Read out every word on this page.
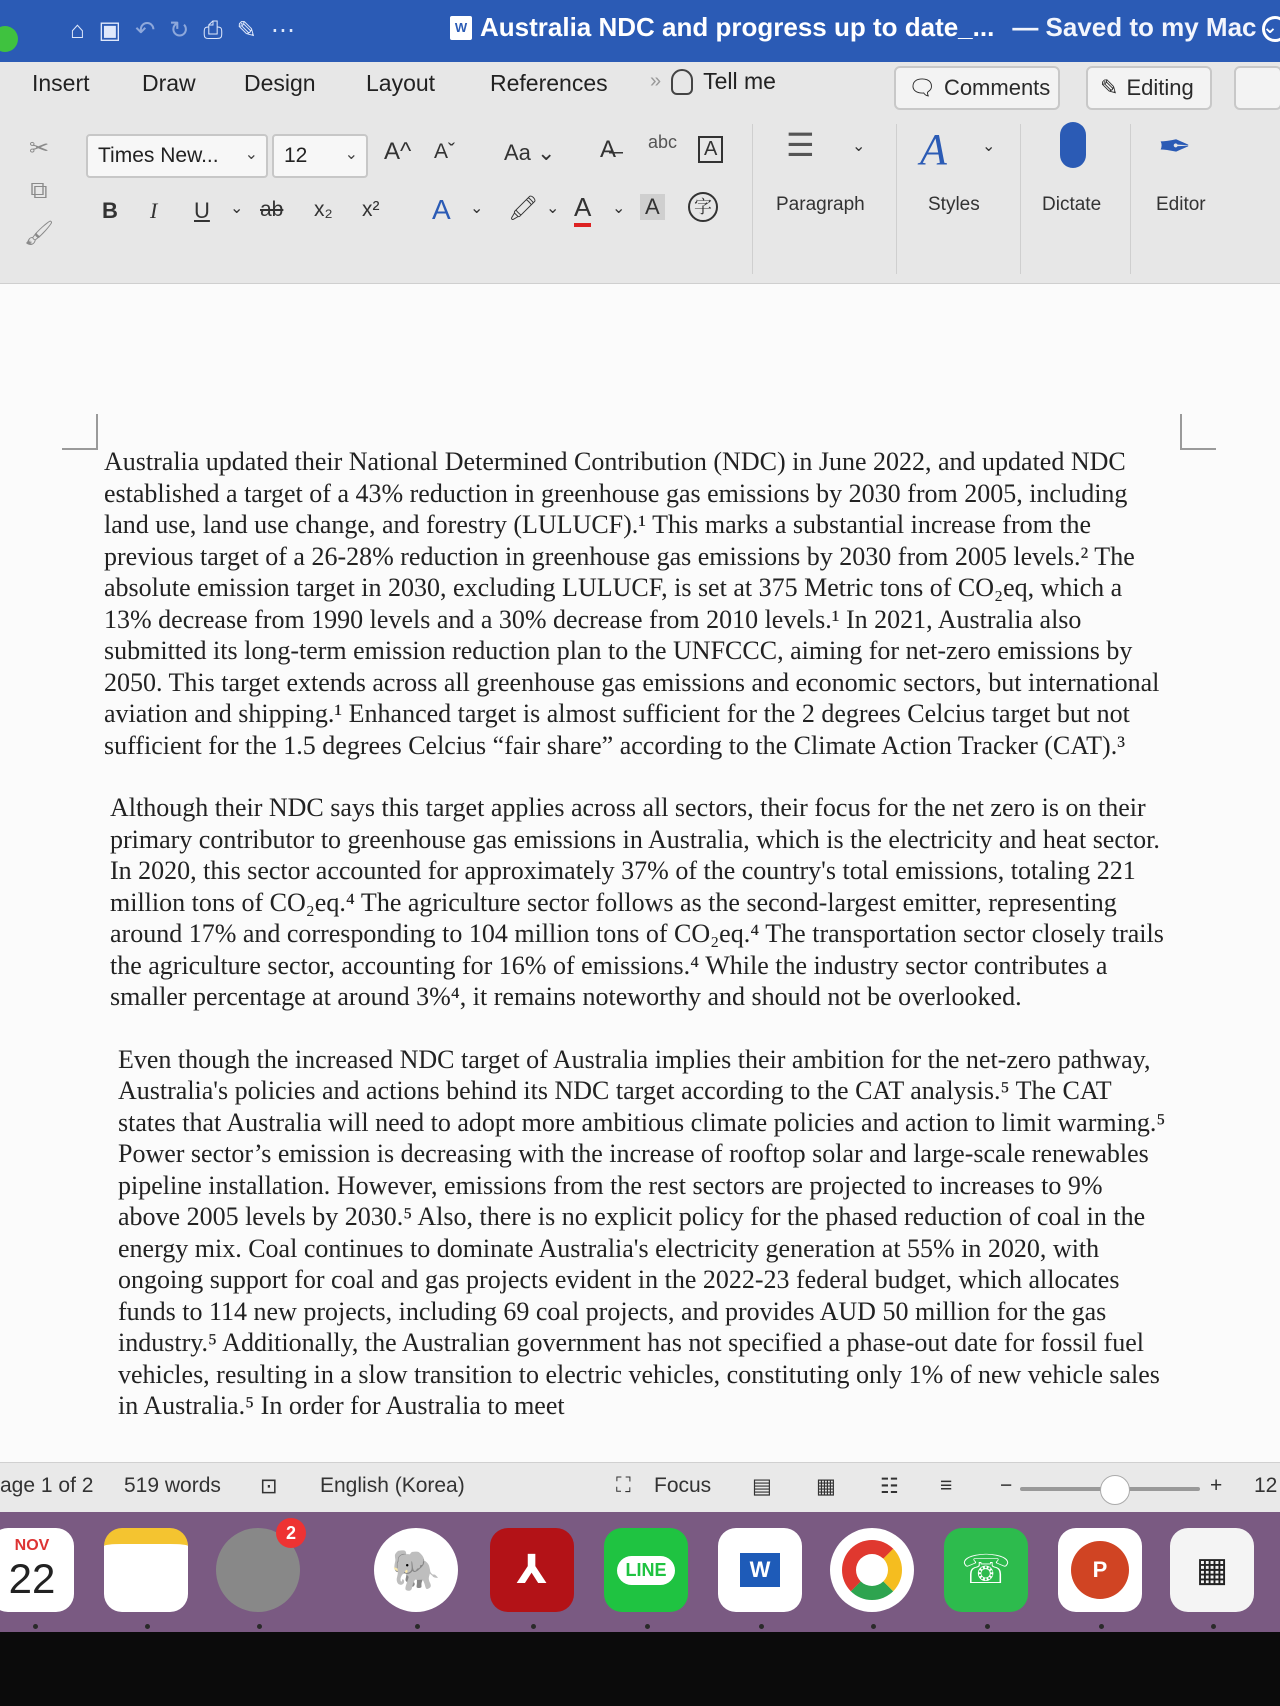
⌂ ▣ ↶ ↻ ⎙ ✎ ⋯	W Australia NDC and progress up to date_... — Saved to my Mac ⌄
Insert Draw Design Layout References » Tell me	🗨 Comments ✎ Editing
✂
⧉
🖌
Times New... ⌄	12 ⌄ A^ Aˇ Aa ⌄ A̶ abc	A
B I U ⌄ ab x₂ x² A ⌄ 🖍 ⌄ A ⌄ A	字
☰ ⌄
Paragraph
A ⌄
Styles	Dictate
✒
Editor

Australia updated their National Determined Contribution (NDC) in June 2022, and updated NDC established a target of a 43% reduction in greenhouse gas emissions by 2030 from 2005, including land use, land use change, and forestry (LULUCF).¹ This marks a substantial increase from the previous target of a 26-28% reduction in greenhouse gas emissions by 2030 from 2005 levels.² The absolute emission target in 2030, excluding LULUCF, is set at 375 Metric tons of CO₂eq, which a 13% decrease from 1990 levels and a 30% decrease from 2010 levels.¹ In 2021, Australia also submitted its long-term emission reduction plan to the UNFCCC, aiming for net-zero emissions by 2050. This target extends across all greenhouse gas emissions and economic sectors, but international aviation and shipping.¹ Enhanced target is almost sufficient for the 2 degrees Celcius target but not sufficient for the 1.5 degrees Celcius “fair share” according to the Climate Action Tracker (CAT).³

Although their NDC says this target applies across all sectors, their focus for the net zero is on their primary contributor to greenhouse gas emissions in Australia, which is the electricity and heat sector. In 2020, this sector accounted for approximately 37% of the country's total emissions, totaling 221 million tons of CO₂eq.⁴ The agriculture sector follows as the second-largest emitter, representing around 17% and corresponding to 104 million tons of CO₂eq.⁴ The transportation sector closely trails the agriculture sector, accounting for 16% of emissions.⁴ While the industry sector contributes a smaller percentage at around 3%⁴, it remains noteworthy and should not be overlooked.

Even though the increased NDC target of Australia implies their ambition for the net-zero pathway, Australia's policies and actions behind its NDC target according to the CAT analysis.⁵ The CAT states that Australia will need to adopt more ambitious climate policies and action to limit warming.⁵ Power sector’s emission is decreasing with the increase of rooftop solar and large-scale renewables pipeline installation. However, emissions from the rest sectors are projected to increases to 9% above 2005 levels by 2030.⁵ Also, there is no explicit policy for the phased reduction of coal in the energy mix. Coal continues to dominate Australia's electricity generation at 55% in 2020, with ongoing support for coal and gas projects evident in the 2022-23 federal budget, which allocates funds to 114 new projects, including 69 coal projects, and provides AUD 50 million for the gas industry.⁵ Additionally, the Australian government has not specified a phase-out date for fossil fuel vehicles, resulting in a slow transition to electric vehicles, constituting only 1% of new vehicle sales in Australia.⁵ In order for Australia to meet

age 1 of 2 519 words ⊡ English (Korea)	⛶ Focus ▤ ▦ ☷ ≡ −	+ 12
NOV
22
2
🐘	⅄	LINE	W	☏	P	▦
